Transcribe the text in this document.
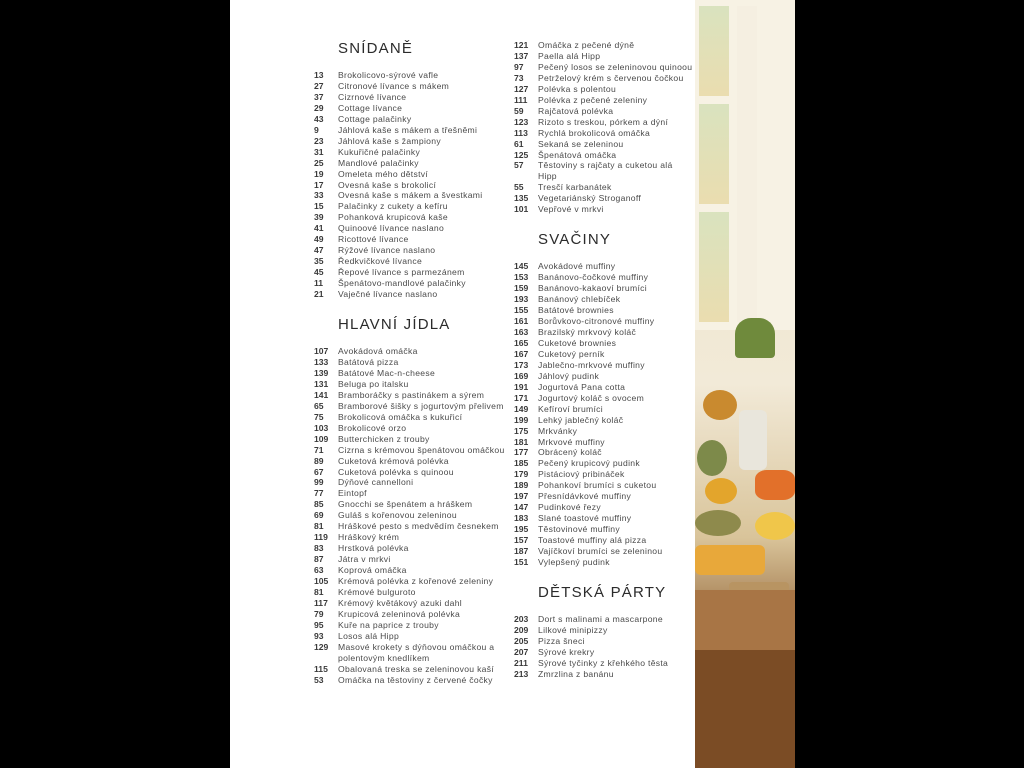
SNÍDANĚ
13	Brokolicovo-sýrové vafle
27	Citronové lívance s mákem
37	Cizrnové lívance
29	Cottage lívance
43	Cottage palačinky
9	Jáhlová kaše s mákem a třešněmi
23	Jáhlová kaše s žampiony
31	Kukuřičné palačinky
25	Mandlové palačinky
19	Omeleta mého dětství
17	Ovesná kaše s brokolicí
33	Ovesná kaše s mákem a švestkami
15	Palačinky z cukety a kefíru
39	Pohanková krupicová kaše
41	Quinoové lívance naslano
49	Ricottové lívance
47	Rýžové lívance naslano
35	Ředkvičkové lívance
45	Řepové lívance s parmezánem
11	Špenátovo-mandlové palačinky
21	Vaječné lívance naslano
HLAVNÍ JÍDLA
107	Avokádová omáčka
133	Batátová pizza
139	Batátové Mac-n-cheese
131	Beluga po italsku
141	Bramboráčky s pastinákem a sýrem
65	Bramborové šišky s jogurtovým přelivem
75	Brokolicová omáčka s kukuřicí
103	Brokolicové orzo
109	Butterchicken z trouby
71	Cizrna s krémovou špenátovou omáčkou
89	Cuketová krémová polévka
67	Cuketová polévka s quinoou
99	Dýňové cannelloni
77	Eintopf
85	Gnocchi se špenátem a hráškem
69	Guláš s kořenovou zeleninou
81	Hráškové pesto s medvědím česnekem
119	Hráškový krém
83	Hrstková polévka
87	Játra v mrkvi
63	Koprová omáčka
105	Krémová polévka z kořenové zeleniny
81	Krémové bulguroto
117	Krémový květákový azuki dahl
79	Krupicová zeleninová polévka
95	Kuře na paprice z trouby
93	Losos alá Hipp
129	Masové krokety s dýňovou omáčkou a polentovým knedlíkem
115	Obalovaná treska se zeleninovou kaší
53	Omáčka na těstoviny z červené čočky
121	Omáčka z pečené dýně
137	Paella alá Hipp
97	Pečený losos se zeleninovou quinoou
73	Petrželový krém s červenou čočkou
127	Polévka s polentou
111	Polévka z pečené zeleniny
59	Rajčatová polévka
123	Rizoto s treskou, pórkem a dýní
113	Rychlá brokolicová omáčka
61	Sekaná se zeleninou
125	Špenátová omáčka
57	Těstoviny s rajčaty a cuketou alá Hipp
55	Tresčí karbanátek
135	Vegetariánský Stroganoff
101	Vepřové v mrkvi
SVAČINY
145	Avokádové muffiny
153	Banánovo-čočkové muffiny
159	Banánovo-kakaoví brumíci
193	Banánový chlebíček
155	Batátové brownies
161	Borůvkovo-citronové muffiny
163	Brazilský mrkvový koláč
165	Cuketové brownies
167	Cuketový perník
173	Jablečno-mrkvové muffiny
169	Jáhlový pudink
191	Jogurtová Pana cotta
171	Jogurtový koláč s ovocem
149	Kefíroví brumíci
199	Lehký jablečný koláč
175	Mrkvánky
181	Mrkvové muffiny
177	Obrácený koláč
185	Pečený krupicový pudink
179	Pistáciový pribináček
189	Pohankoví brumíci s cuketou
197	Přesnídávkové muffiny
147	Pudinkové řezy
183	Slané toastové muffiny
195	Těstovinové muffiny
157	Toastové muffiny alá pizza
187	Vajíčkoví brumíci se zeleninou
151	Vylepšený pudink
DĚTSKÁ PÁRTY
203	Dort s malinami a mascarpone
209	Lilkové minipizzy
205	Pizza šneci
207	Sýrové krekry
211	Sýrové tyčinky z křehkého těsta
213	Zmrzlina z banánu
